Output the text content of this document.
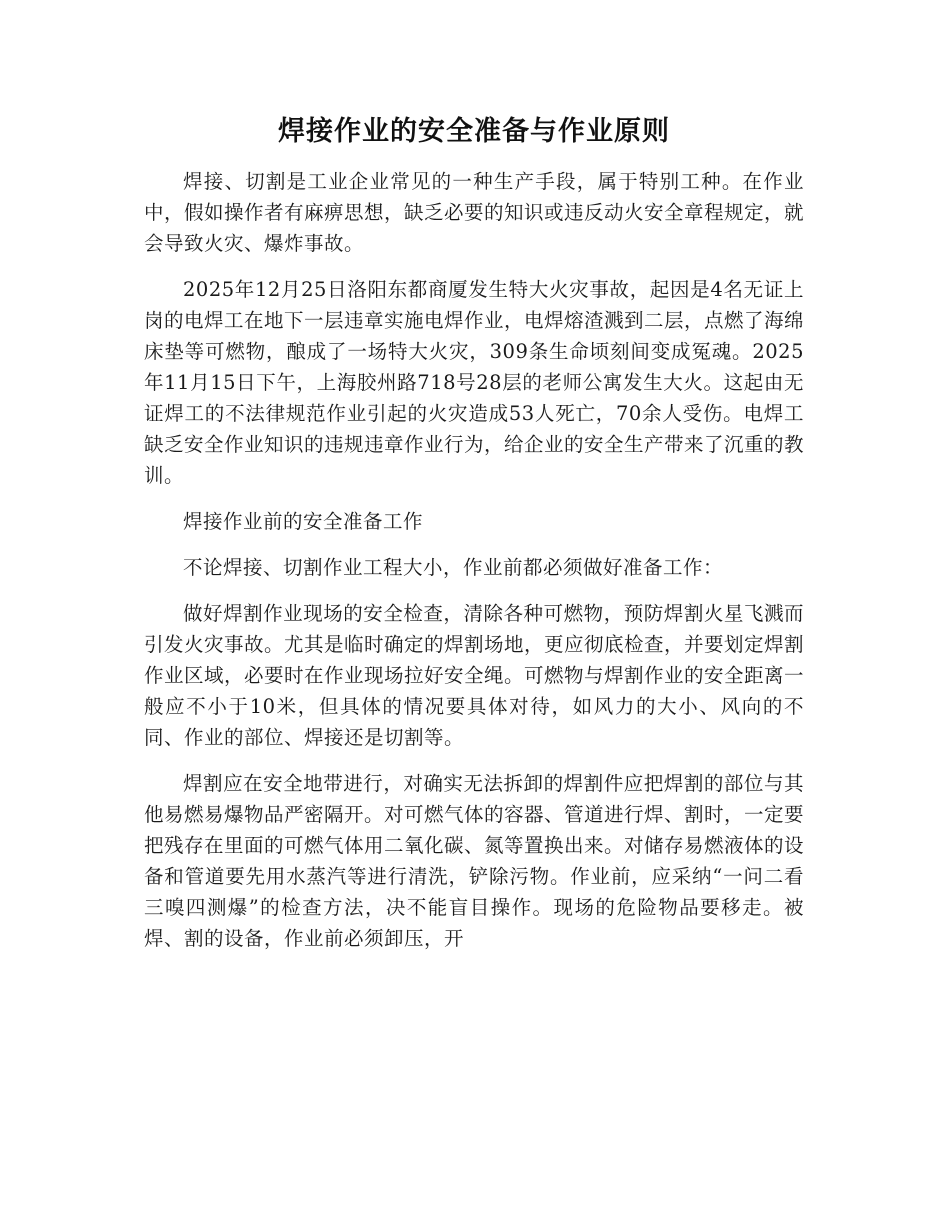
焊接作业的安全准备与作业原则

焊接、切割是工业企业常见的一种生产手段，属于特别工种。在作业中，假如操作者有麻痹思想，缺乏必要的知识或违反动火安全章程规定，就会导致火灾、爆炸事故。

2025年12月25日洛阳东都商厦发生特大火灾事故，起因是4名无证上岗的电焊工在地下一层违章实施电焊作业，电焊熔渣溅到二层，点燃了海绵床垫等可燃物，酿成了一场特大火灾，309条生命顷刻间变成冤魂。2025年11月15日下午，上海胶州路718号28层的老师公寓发生大火。这起由无证焊工的不法律规范作业引起的火灾造成53人死亡，70余人受伤。电焊工缺乏安全作业知识的违规违章作业行为，给企业的安全生产带来了沉重的教训。

焊接作业前的安全准备工作

不论焊接、切割作业工程大小，作业前都必须做好准备工作：

做好焊割作业现场的安全检查，清除各种可燃物，预防焊割火星飞溅而引发火灾事故。尤其是临时确定的焊割场地，更应彻底检查，并要划定焊割作业区域，必要时在作业现场拉好安全绳。可燃物与焊割作业的安全距离一般应不小于10米，但具体的情况要具体对待，如风力的大小、风向的不同、作业的部位、焊接还是切割等。

焊割应在安全地带进行，对确实无法拆卸的焊割件应把焊割的部位与其他易燃易爆物品严密隔开。对可燃气体的容器、管道进行焊、割时，一定要把残存在里面的可燃气体用二氧化碳、氮等置换出来。对储存易燃液体的设备和管道要先用水蒸汽等进行清洗，铲除污物。作业前，应采纳“一问二看三嗅四测爆”的检查方法，决不能盲目操作。现场的危险物品要移走。被焊、割的设备，作业前必须卸压，开
